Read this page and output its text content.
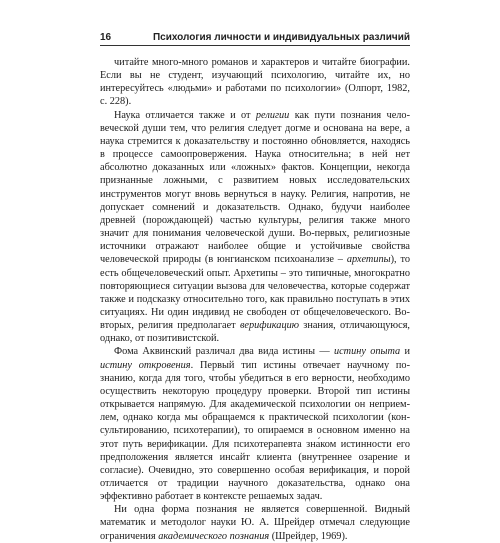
16	Психология личности и индивидуальных различий

читайте много-много романов и характеров и читайте биографии. Если вы не студент, изучающий психологию, читайте их, но интересуйтесь «людьми» и работами по психологии» (Олпорт, 1982, с. 228).

Наука отличается также и от религии как пути познания человеческой души тем, что религия следует догме и основана на вере, а наука стремится к доказательству и постоянно обновляется, находясь в процессе самоопровержения. Наука относительна; в ней нет абсолютно доказанных или «ложных» фактов. Концепции, некогда признанные ложными, с развитием новых исследовательских инструментов могут вновь вернуться в науку. Религия, напротив, не допускает сомнений и доказательств. Однако, будучи наиболее древней (порождающей) частью культуры, религия также много значит для понимания человеческой души. Во-первых, религиозные источники отражают наиболее общие и устойчивые свойства человеческой природы (в юнгианском психоанализе – архетипы), то есть общечеловеческий опыт. Архетипы – это типичные, многократно повторяющиеся ситуации вызова для человечества, которые содержат также и подсказку относительно того, как правильно поступать в этих ситуациях. Ни один индивид не свободен от общечеловеческого. Во-вторых, религия предполагает верификацию знания, отличающуюся, однако, от позитивистской.

Фома Аквинский различал два вида истины — истину опыта и истину откровения. Первый тип истины отвечает научному познанию, когда для того, чтобы убедиться в его верности, необходимо осуществить некоторую процедуру проверки. Второй тип истины открывается напрямую. Для академической психологии он неприемлем, однако когда мы обращаемся к практической психологии (консультированию, психотерапии), то опираемся в основном именно на этот путь верификации. Для психотерапевта зна́ком истинности его предположения является инсайт клиента (внутреннее озарение и согласие). Очевидно, это совершенно особая верификация, и порой отличается от традиции научного доказательства, однако она эффективно работает в контексте решаемых задач.

Ни одна форма познания не является совершенной. Видный математик и методолог науки Ю. А. Шрейдер отмечал следующие ограничения академического познания (Шрейдер, 1969).
